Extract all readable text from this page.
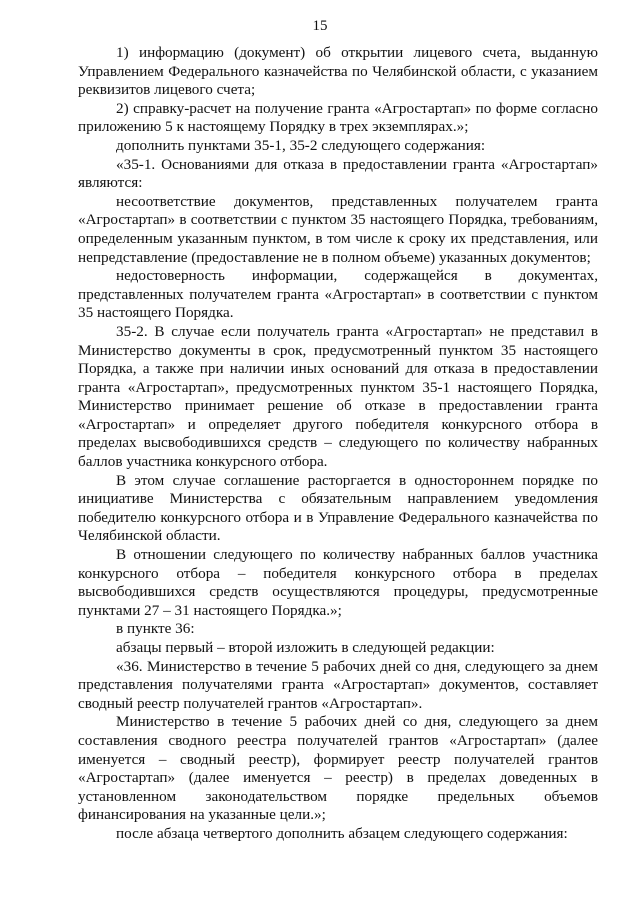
15

1) информацию (документ) об открытии лицевого счета, выданную Управлением Федерального казначейства по Челябинской области, с указанием реквизитов лицевого счета;

2) справку-расчет на получение гранта «Агростартап» по форме согласно приложению 5 к настоящему Порядку в трех экземплярах.»;

дополнить пунктами 35-1, 35-2 следующего содержания:

«35-1. Основаниями для отказа в предоставлении гранта «Агростартап» являются:

несоответствие документов, представленных получателем гранта «Агростартап» в соответствии с пунктом 35 настоящего Порядка, требованиям, определенным указанным пунктом, в том числе к сроку их представления, или непредставление (предоставление не в полном объеме) указанных документов;

недостоверность информации, содержащейся в документах, представленных получателем гранта «Агростартап» в соответствии с пунктом 35 настоящего Порядка.

35-2. В случае если получатель гранта «Агростартап» не представил в Министерство документы в срок, предусмотренный пунктом 35 настоящего Порядка, а также при наличии иных оснований для отказа в предоставлении гранта «Агростартап», предусмотренных пунктом 35-1 настоящего Порядка, Министерство принимает решение об отказе в предоставлении гранта «Агростартап» и определяет другого победителя конкурсного отбора в пределах высвободившихся средств – следующего по количеству набранных баллов участника конкурсного отбора.

В этом случае соглашение расторгается в одностороннем порядке по инициативе Министерства с обязательным направлением уведомления победителю конкурсного отбора и в Управление Федерального казначейства по Челябинской области.

В отношении следующего по количеству набранных баллов участника конкурсного отбора – победителя конкурсного отбора в пределах высвободившихся средств осуществляются процедуры, предусмотренные пунктами 27 – 31 настоящего Порядка.»;

в пункте 36:

абзацы первый – второй изложить в следующей редакции:

«36. Министерство в течение 5 рабочих дней со дня, следующего за днем представления получателями гранта «Агростартап» документов, составляет сводный реестр получателей грантов «Агростартап».

Министерство в течение 5 рабочих дней со дня, следующего за днем составления сводного реестра получателей грантов «Агростартап» (далее именуется – сводный реестр), формирует реестр получателей грантов «Агростартап» (далее именуется – реестр) в пределах доведенных в установленном законодательством порядке предельных объемов финансирования на указанные цели.»;

после абзаца четвертого дополнить абзацем следующего содержания:
